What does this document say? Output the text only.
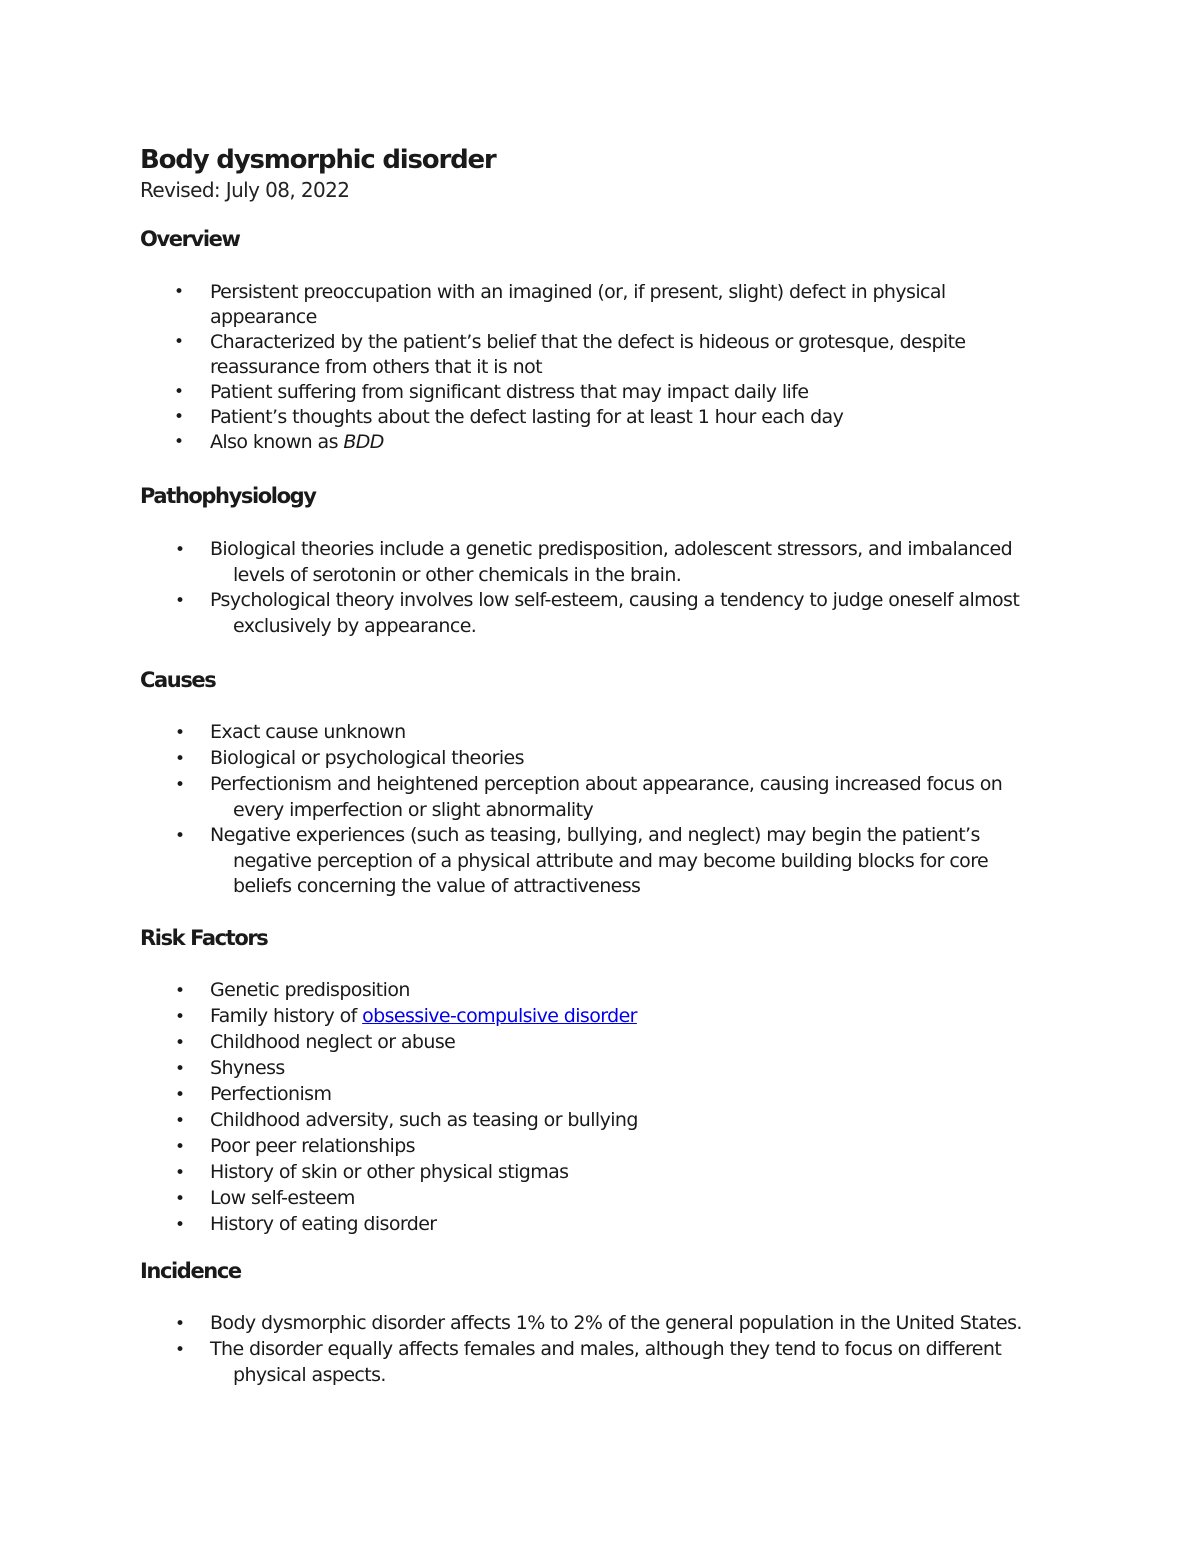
Body dysmorphic disorder
Revised: July 08, 2022
Overview
• Persistent preoccupation with an imagined (or, if present, slight) defect in physical appearance
• Characterized by the patient’s belief that the defect is hideous or grotesque, despite reassurance from others that it is not
• Patient suffering from significant distress that may impact daily life
• Patient’s thoughts about the defect lasting for at least 1 hour each day
• Also known as BDD
Pathophysiology
• Biological theories include a genetic predisposition, adolescent stressors, and imbalanced levels of serotonin or other chemicals in the brain.
• Psychological theory involves low self-esteem, causing a tendency to judge oneself almost exclusively by appearance.
Causes
• Exact cause unknown
• Biological or psychological theories
• Perfectionism and heightened perception about appearance, causing increased focus on every imperfection or slight abnormality
• Negative experiences (such as teasing, bullying, and neglect) may begin the patient’s negative perception of a physical attribute and may become building blocks for core beliefs concerning the value of attractiveness
Risk Factors
• Genetic predisposition
• Family history of obsessive-compulsive disorder
• Childhood neglect or abuse
• Shyness
• Perfectionism
• Childhood adversity, such as teasing or bullying
• Poor peer relationships
• History of skin or other physical stigmas
• Low self-esteem
• History of eating disorder
Incidence
• Body dysmorphic disorder affects 1% to 2% of the general population in the United States.
• The disorder equally affects females and males, although they tend to focus on different physical aspects.
